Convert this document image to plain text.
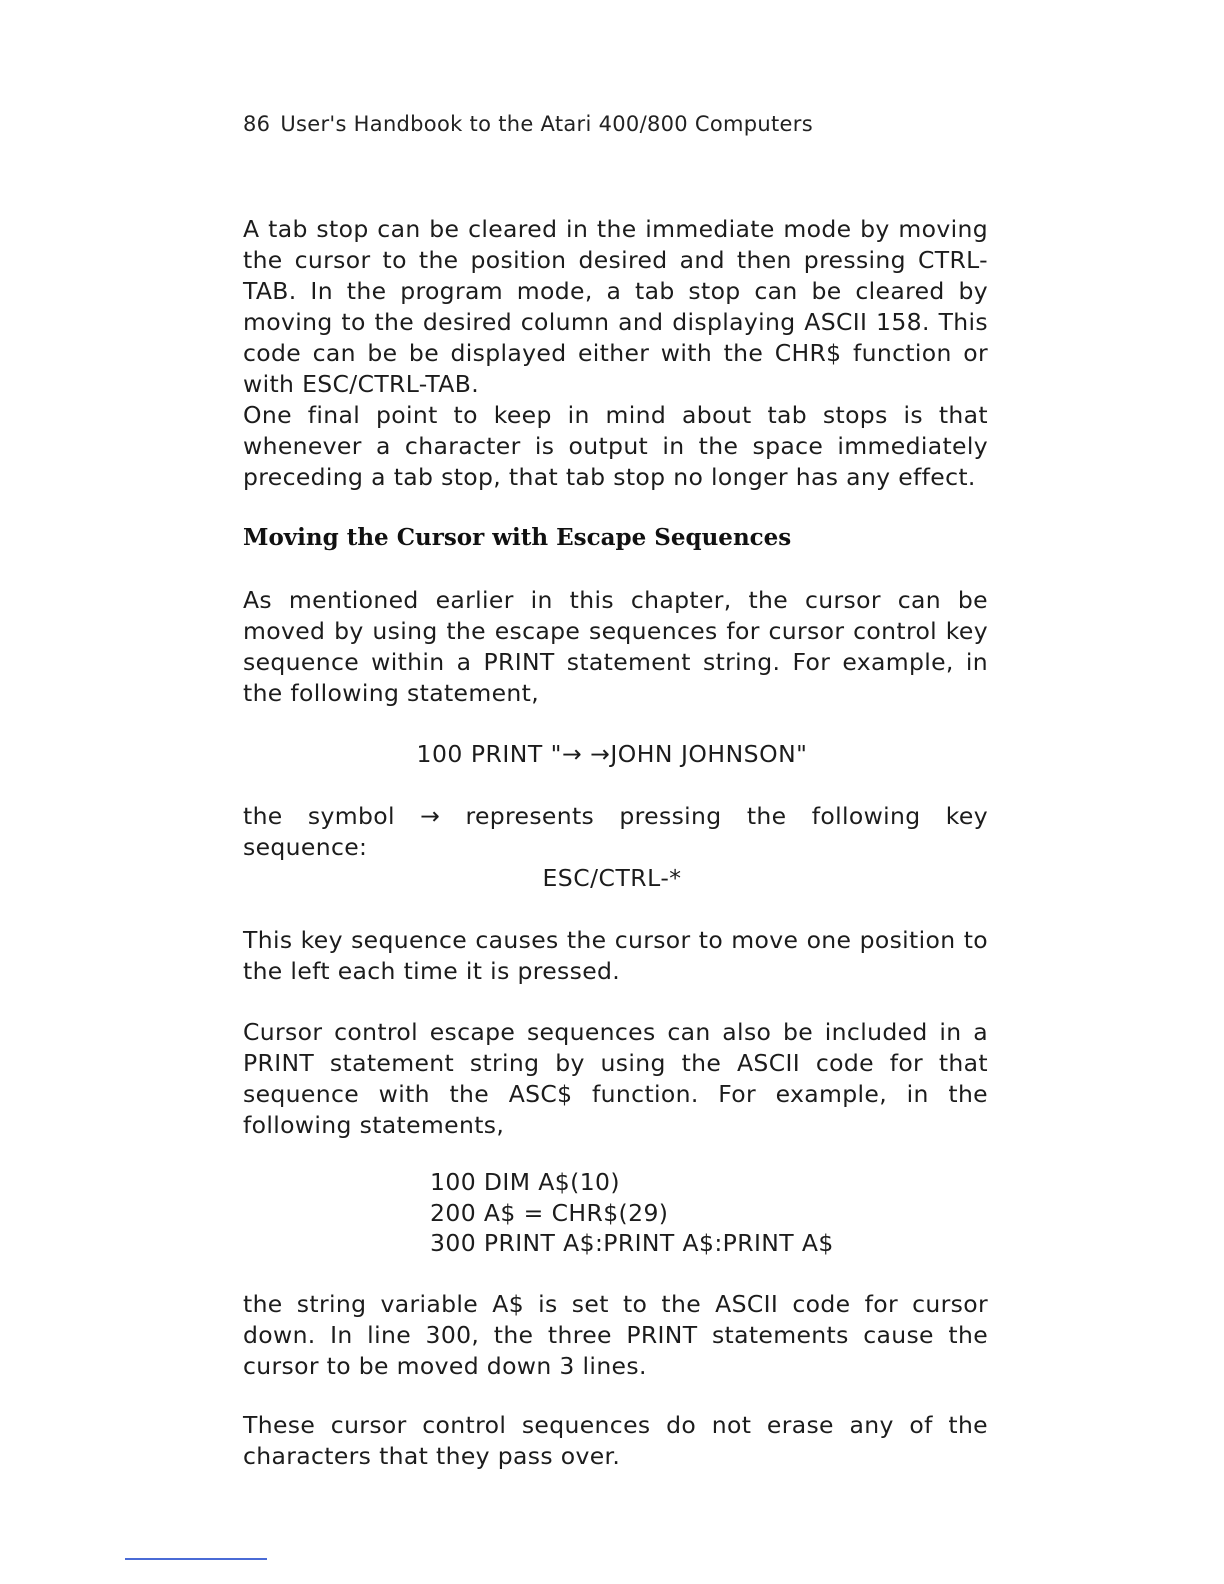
86 User's Handbook to the Atari 400/800 Computers

A tab stop can be cleared in the immediate mode by moving the cursor to the position desired and then pressing CTRL-TAB. In the program mode, a tab stop can be cleared by moving to the desired column and displaying ASCII 158. This code can be be displayed either with the CHR$ function or with ESC/CTRL-TAB.

One final point to keep in mind about tab stops is that whenever a character is output in the space immediately preceding a tab stop, that tab stop no longer has any effect.

Moving the Cursor with Escape Sequences

As mentioned earlier in this chapter, the cursor can be moved by using the escape sequences for cursor control key sequence within a PRINT statement string. For example, in the following statement,

100 PRINT "→ →JOHN JOHNSON"

the symbol → represents pressing the following key sequence:

ESC/CTRL-*

This key sequence causes the cursor to move one position to the left each time it is pressed.

Cursor control escape sequences can also be included in a PRINT statement string by using the ASCII code for that sequence with the ASC$ function. For example, in the following statements,

100 DIM A$(10)
200 A$ = CHR$(29)
300 PRINT A$:PRINT A$:PRINT A$

the string variable A$ is set to the ASCII code for cursor down. In line 300, the three PRINT statements cause the cursor to be moved down 3 lines.

These cursor control sequences do not erase any of the characters that they pass over.
